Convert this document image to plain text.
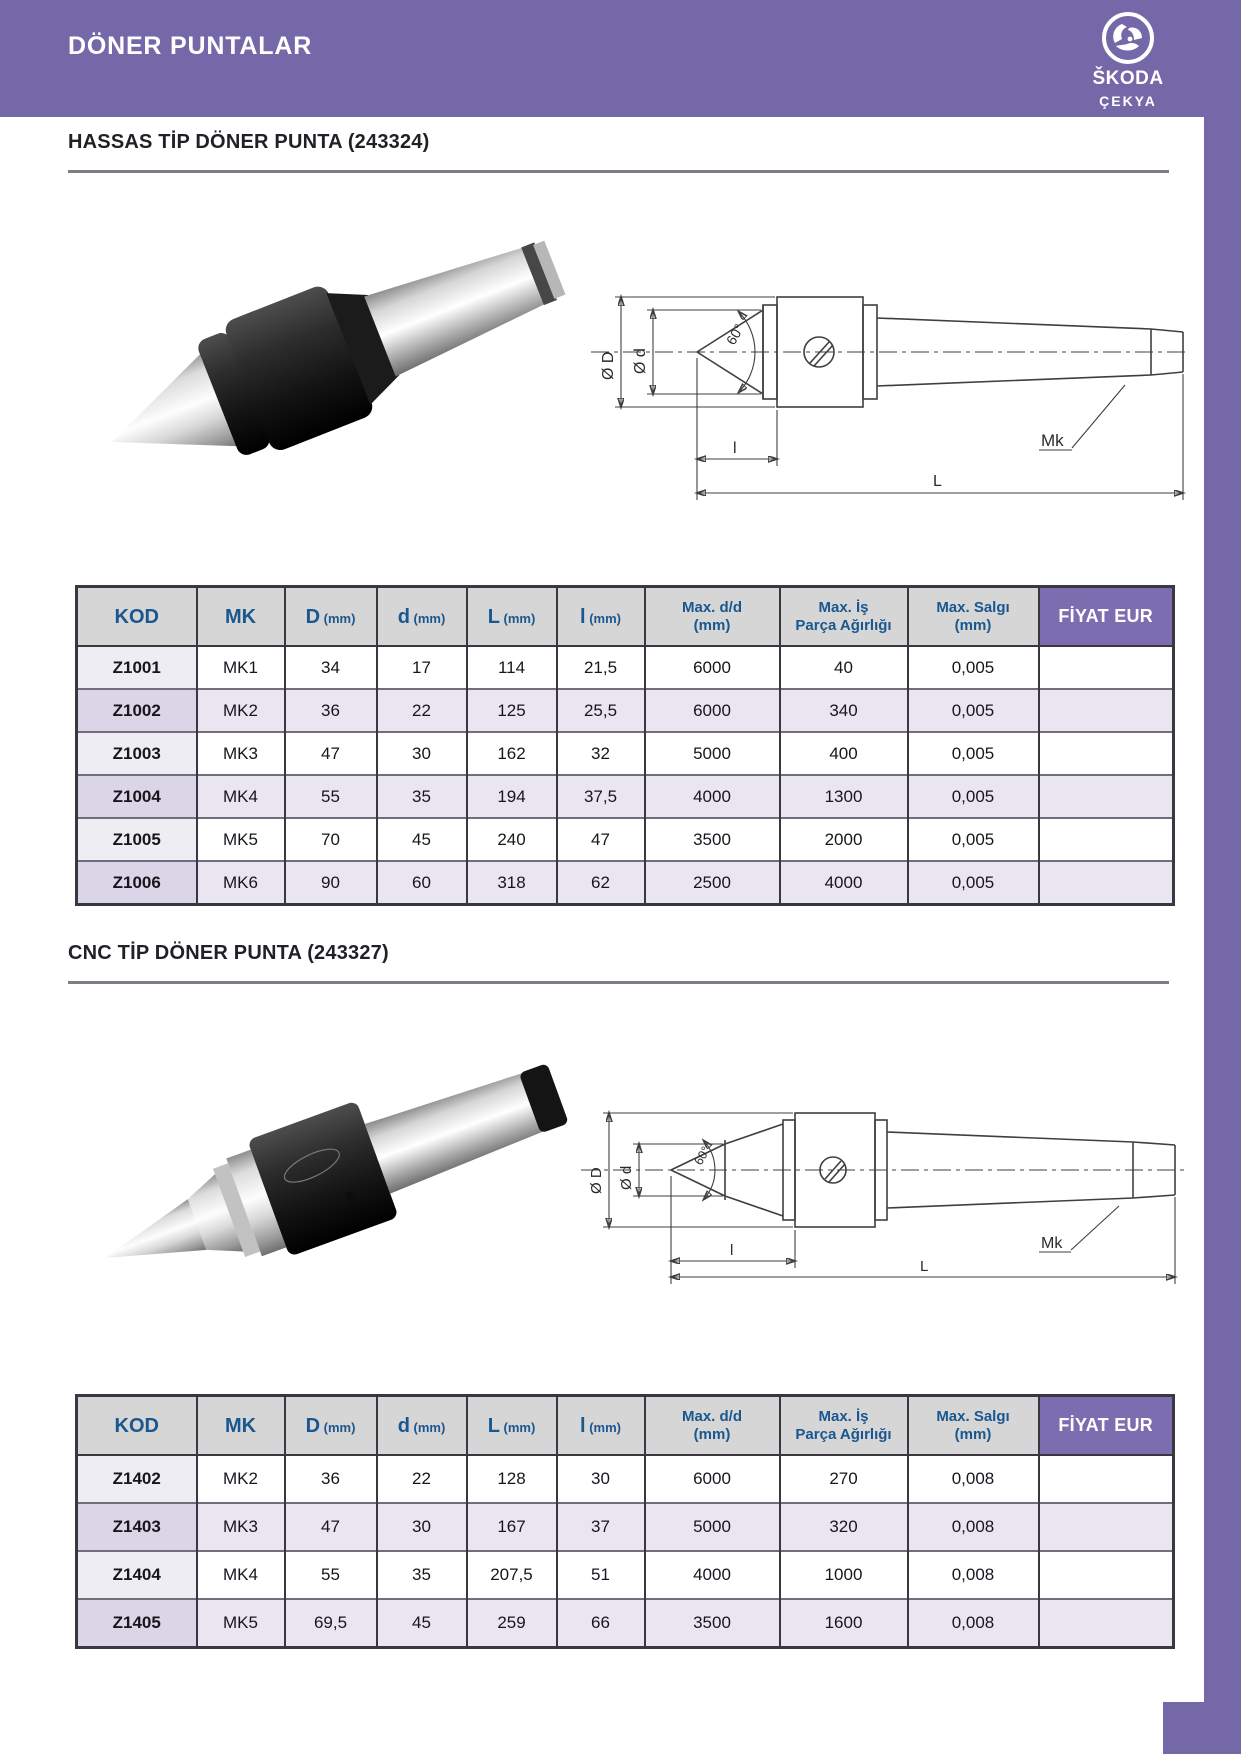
DÖNER PUNTALAR
ŠKODA
ÇEKYA
HASSAS TİP DÖNER PUNTA (243324)
60°
Ø D Ø d
Mk
l
L
KOD	MK	D (mm)	d (mm)	L (mm)	l (mm)	
Max. d/d
(mm)

Max. İş
Parça Ağırlığı

Max. Salgı
(mm)	FİYAT EUR
Z1001	MK1	34	17	114	21,5	6000	40	0,005	
Z1002	MK2	36	22	125	25,5	6000	340	0,005	
Z1003	MK3	47	30	162	32	5000	400	0,005	
Z1004	MK4	55	35	194	37,5	4000	1300	0,005	
Z1005	MK5	70	45	240	47	3500	2000	0,005	
Z1006	MK6	90	60	318	62	2500	4000	0,005	
CNC TİP DÖNER PUNTA (243327)
60°
Ø D Ø d
Mk
l
L
KOD	MK	D (mm)	d (mm)	L (mm)	l (mm)	
Max. d/d
(mm)

Max. İş
Parça Ağırlığı

Max. Salgı
(mm)	FİYAT EUR
Z1402	MK2	36	22	128	30	6000	270	0,008	
Z1403	MK3	47	30	167	37	5000	320	0,008	
Z1404	MK4	55	35	207,5	51	4000	1000	0,008	
Z1405	MK5	69,5	45	259	66	3500	1600	0,008	
